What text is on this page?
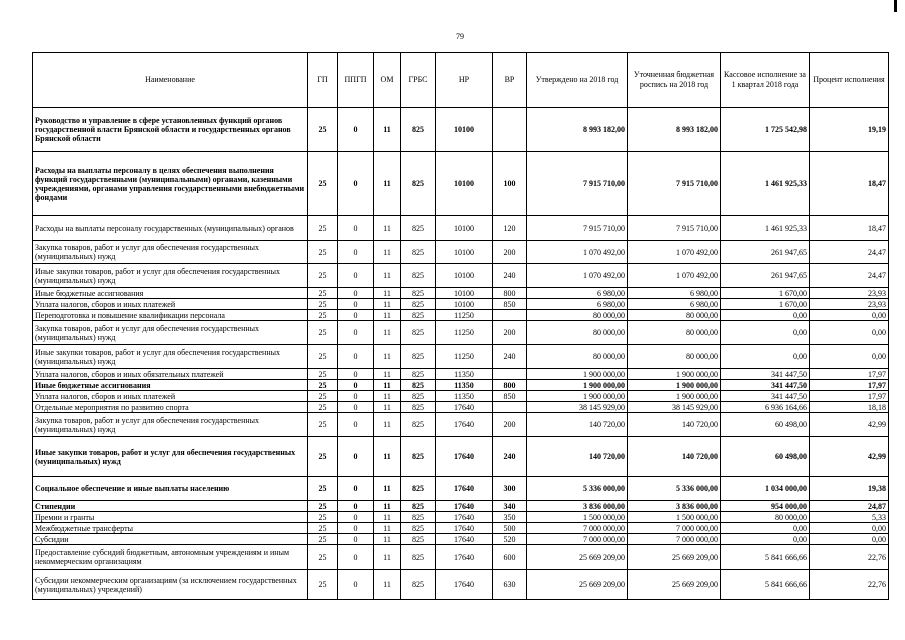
79
Наименование	ГП	ППГП	ОМ	ГРБС	НР	ВР	Утверждено на 2018 год	Уточненная бюджетная роспись на 2018 год	Кассовое исполнение за 1 квартал 2018 года	Процент исполнения
Руководство и управление в сфере установленных функций органов государственной власти Брянской области и государственных органов Брянской области	25	0	11	825	10100		8 993 182,00	8 993 182,00	1 725 542,98	19,19
Расходы на выплаты персоналу в целях обеспечения выполнения функций государственными (муниципальными) органами, казенными учреждениями, органами управления государственными внебюджетными фондами	25	0	11	825	10100	100	7 915 710,00	7 915 710,00	1 461 925,33	18,47
Расходы на выплаты персоналу государственных (муниципальных) органов	25	0	11	825	10100	120	7 915 710,00	7 915 710,00	1 461 925,33	18,47
Закупка товаров, работ и услуг для обеспечения государственных (муниципальных) нужд	25	0	11	825	10100	200	1 070 492,00	1 070 492,00	261 947,65	24,47
Иные закупки товаров, работ и услуг для обеспечения государственных (муниципальных) нужд	25	0	11	825	10100	240	1 070 492,00	1 070 492,00	261 947,65	24,47
Иные бюджетные ассигнования	25	0	11	825	10100	800	6 980,00	6 980,00	1 670,00	23,93
Уплата налогов, сборов и иных платежей	25	0	11	825	10100	850	6 980,00	6 980,00	1 670,00	23,93
Переподготовка и повышение квалификации персонала	25	0	11	825	11250		80 000,00	80 000,00	0,00	0,00
Закупка товаров, работ и услуг для обеспечения государственных (муниципальных) нужд	25	0	11	825	11250	200	80 000,00	80 000,00	0,00	0,00
Иные закупки товаров, работ и услуг для обеспечения государственных (муниципальных) нужд	25	0	11	825	11250	240	80 000,00	80 000,00	0,00	0,00
Уплата налогов, сборов и иных обязательных платежей	25	0	11	825	11350		1 900 000,00	1 900 000,00	341 447,50	17,97
Иные бюджетные ассигнования	25	0	11	825	11350	800	1 900 000,00	1 900 000,00	341 447,50	17,97
Уплата налогов, сборов и иных платежей	25	0	11	825	11350	850	1 900 000,00	1 900 000,00	341 447,50	17,97
Отдельные мероприятия по развитию спорта	25	0	11	825	17640		38 145 929,00	38 145 929,00	6 936 164,66	18,18
Закупка товаров, работ и услуг для обеспечения государственных (муниципальных) нужд	25	0	11	825	17640	200	140 720,00	140 720,00	60 498,00	42,99
Иные закупки товаров, работ и услуг для обеспечения государственных (муниципальных) нужд	25	0	11	825	17640	240	140 720,00	140 720,00	60 498,00	42,99
Социальное обеспечение и иные выплаты населению	25	0	11	825	17640	300	5 336 000,00	5 336 000,00	1 034 000,00	19,38
Стипендии	25	0	11	825	17640	340	3 836 000,00	3 836 000,00	954 000,00	24,87
Премии и гранты	25	0	11	825	17640	350	1 500 000,00	1 500 000,00	80 000,00	5,33
Межбюджетные трансферты	25	0	11	825	17640	500	7 000 000,00	7 000 000,00	0,00	0,00
Субсидии	25	0	11	825	17640	520	7 000 000,00	7 000 000,00	0,00	0,00
Предоставление субсидий бюджетным, автономным учреждениям и иным некоммерческим организациям	25	0	11	825	17640	600	25 669 209,00	25 669 209,00	5 841 666,66	22,76
Субсидии некоммерческим организациям (за исключением государственных (муниципальных) учреждений)	25	0	11	825	17640	630	25 669 209,00	25 669 209,00	5 841 666,66	22,76
